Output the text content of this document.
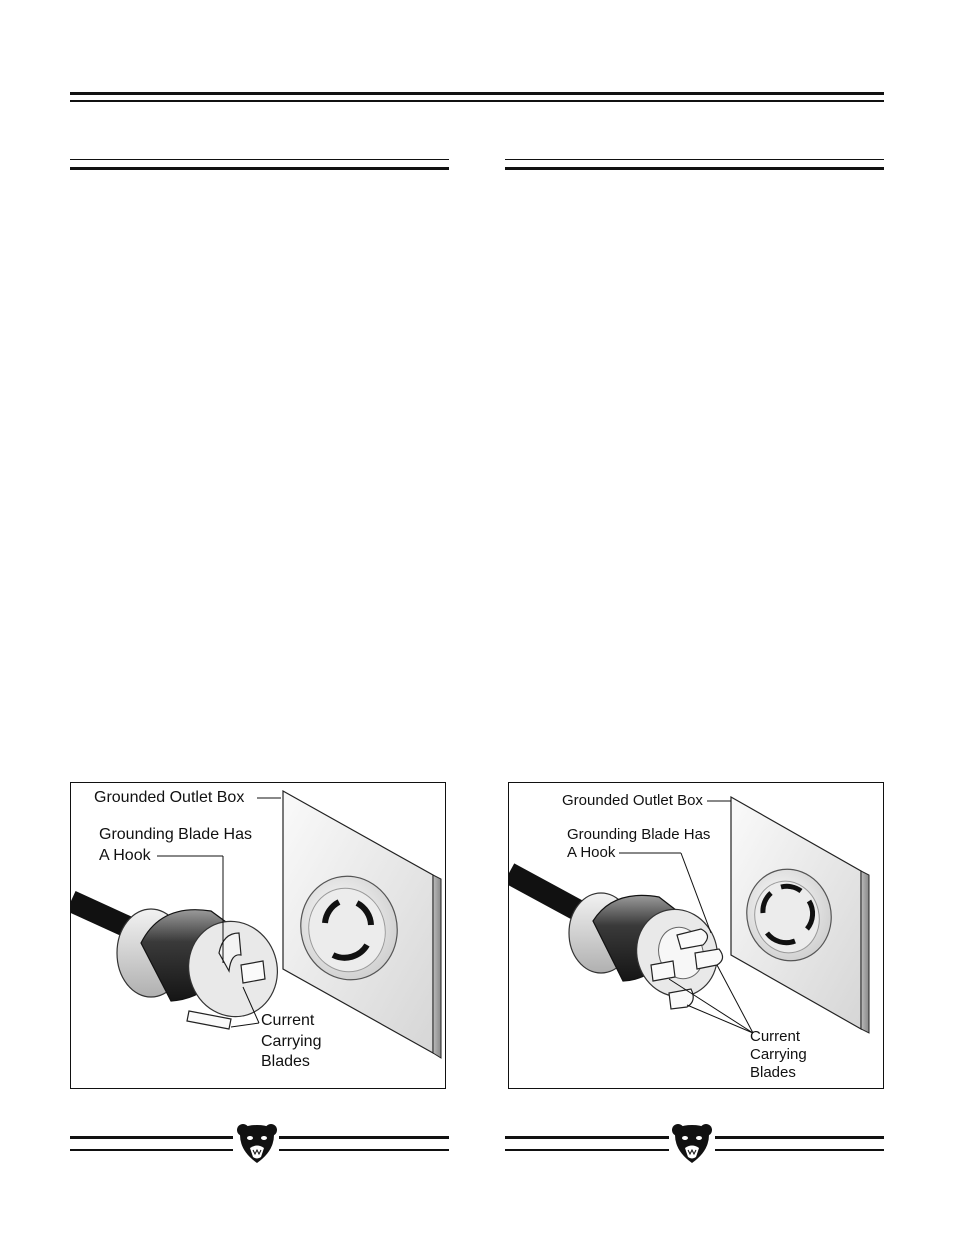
Grounded Outlet Box
Grounding Blade Has
A Hook
Current
Carrying
Blades
Grounded Outlet Box
Grounding Blade Has
A Hook
Current
Carrying
Blades
